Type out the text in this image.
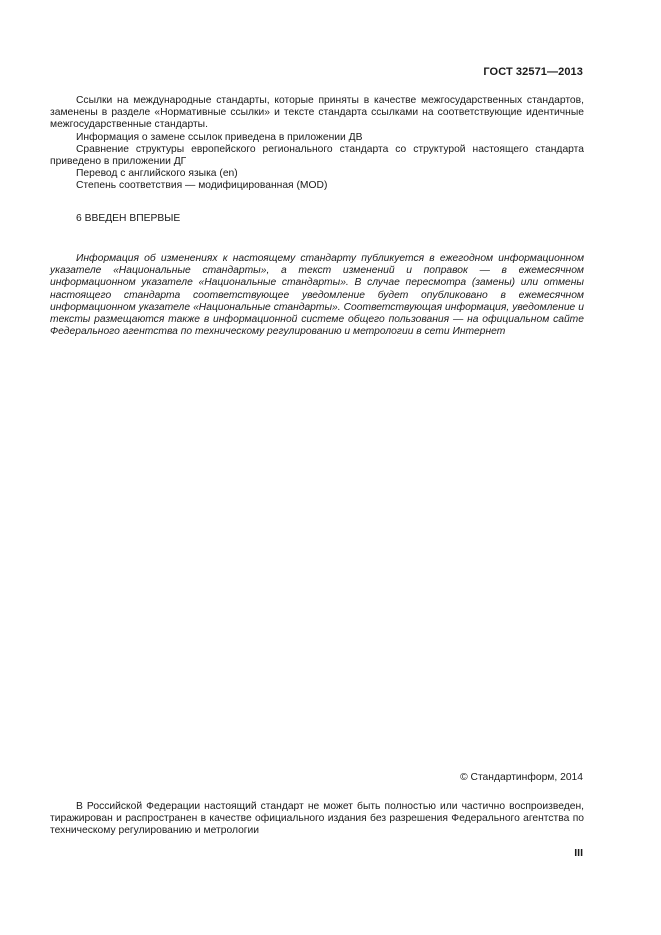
ГОСТ 32571—2013

Ссылки на международные стандарты, которые приняты в качестве межгосударственных стандартов, заменены в разделе «Нормативные ссылки» и тексте стандарта ссылками на соответствующие идентичные межгосударственные стандарты.

Информация о замене ссылок приведена в приложении ДВ

Сравнение структуры европейского регионального стандарта со структурой настоящего стандарта приведено в приложении ДГ

Перевод с английского языка (en)

Степень соответствия — модифицированная (MOD)

6 ВВЕДЕН ВПЕРВЫЕ

Информация об изменениях к настоящему стандарту публикуется в ежегодном информационном указателе «Национальные стандарты», а текст изменений и поправок — в ежемесячном информационном указателе «Национальные стандарты». В случае пересмотра (замены) или отмены настоящего стандарта соответствующее уведомление будет опубликовано в ежемесячном информационном указателе «Национальные стандарты». Соответствующая информация, уведомление и тексты размещаются также в информационной системе общего пользования — на официальном сайте Федерального агентства по техническому регулированию и метрологии в сети Интернет

© Стандартинформ, 2014

В Российской Федерации настоящий стандарт не может быть полностью или частично воспроизведен, тиражирован и распространен в качестве официального издания без разрешения Федерального агентства по техническому регулированию и метрологии

III
